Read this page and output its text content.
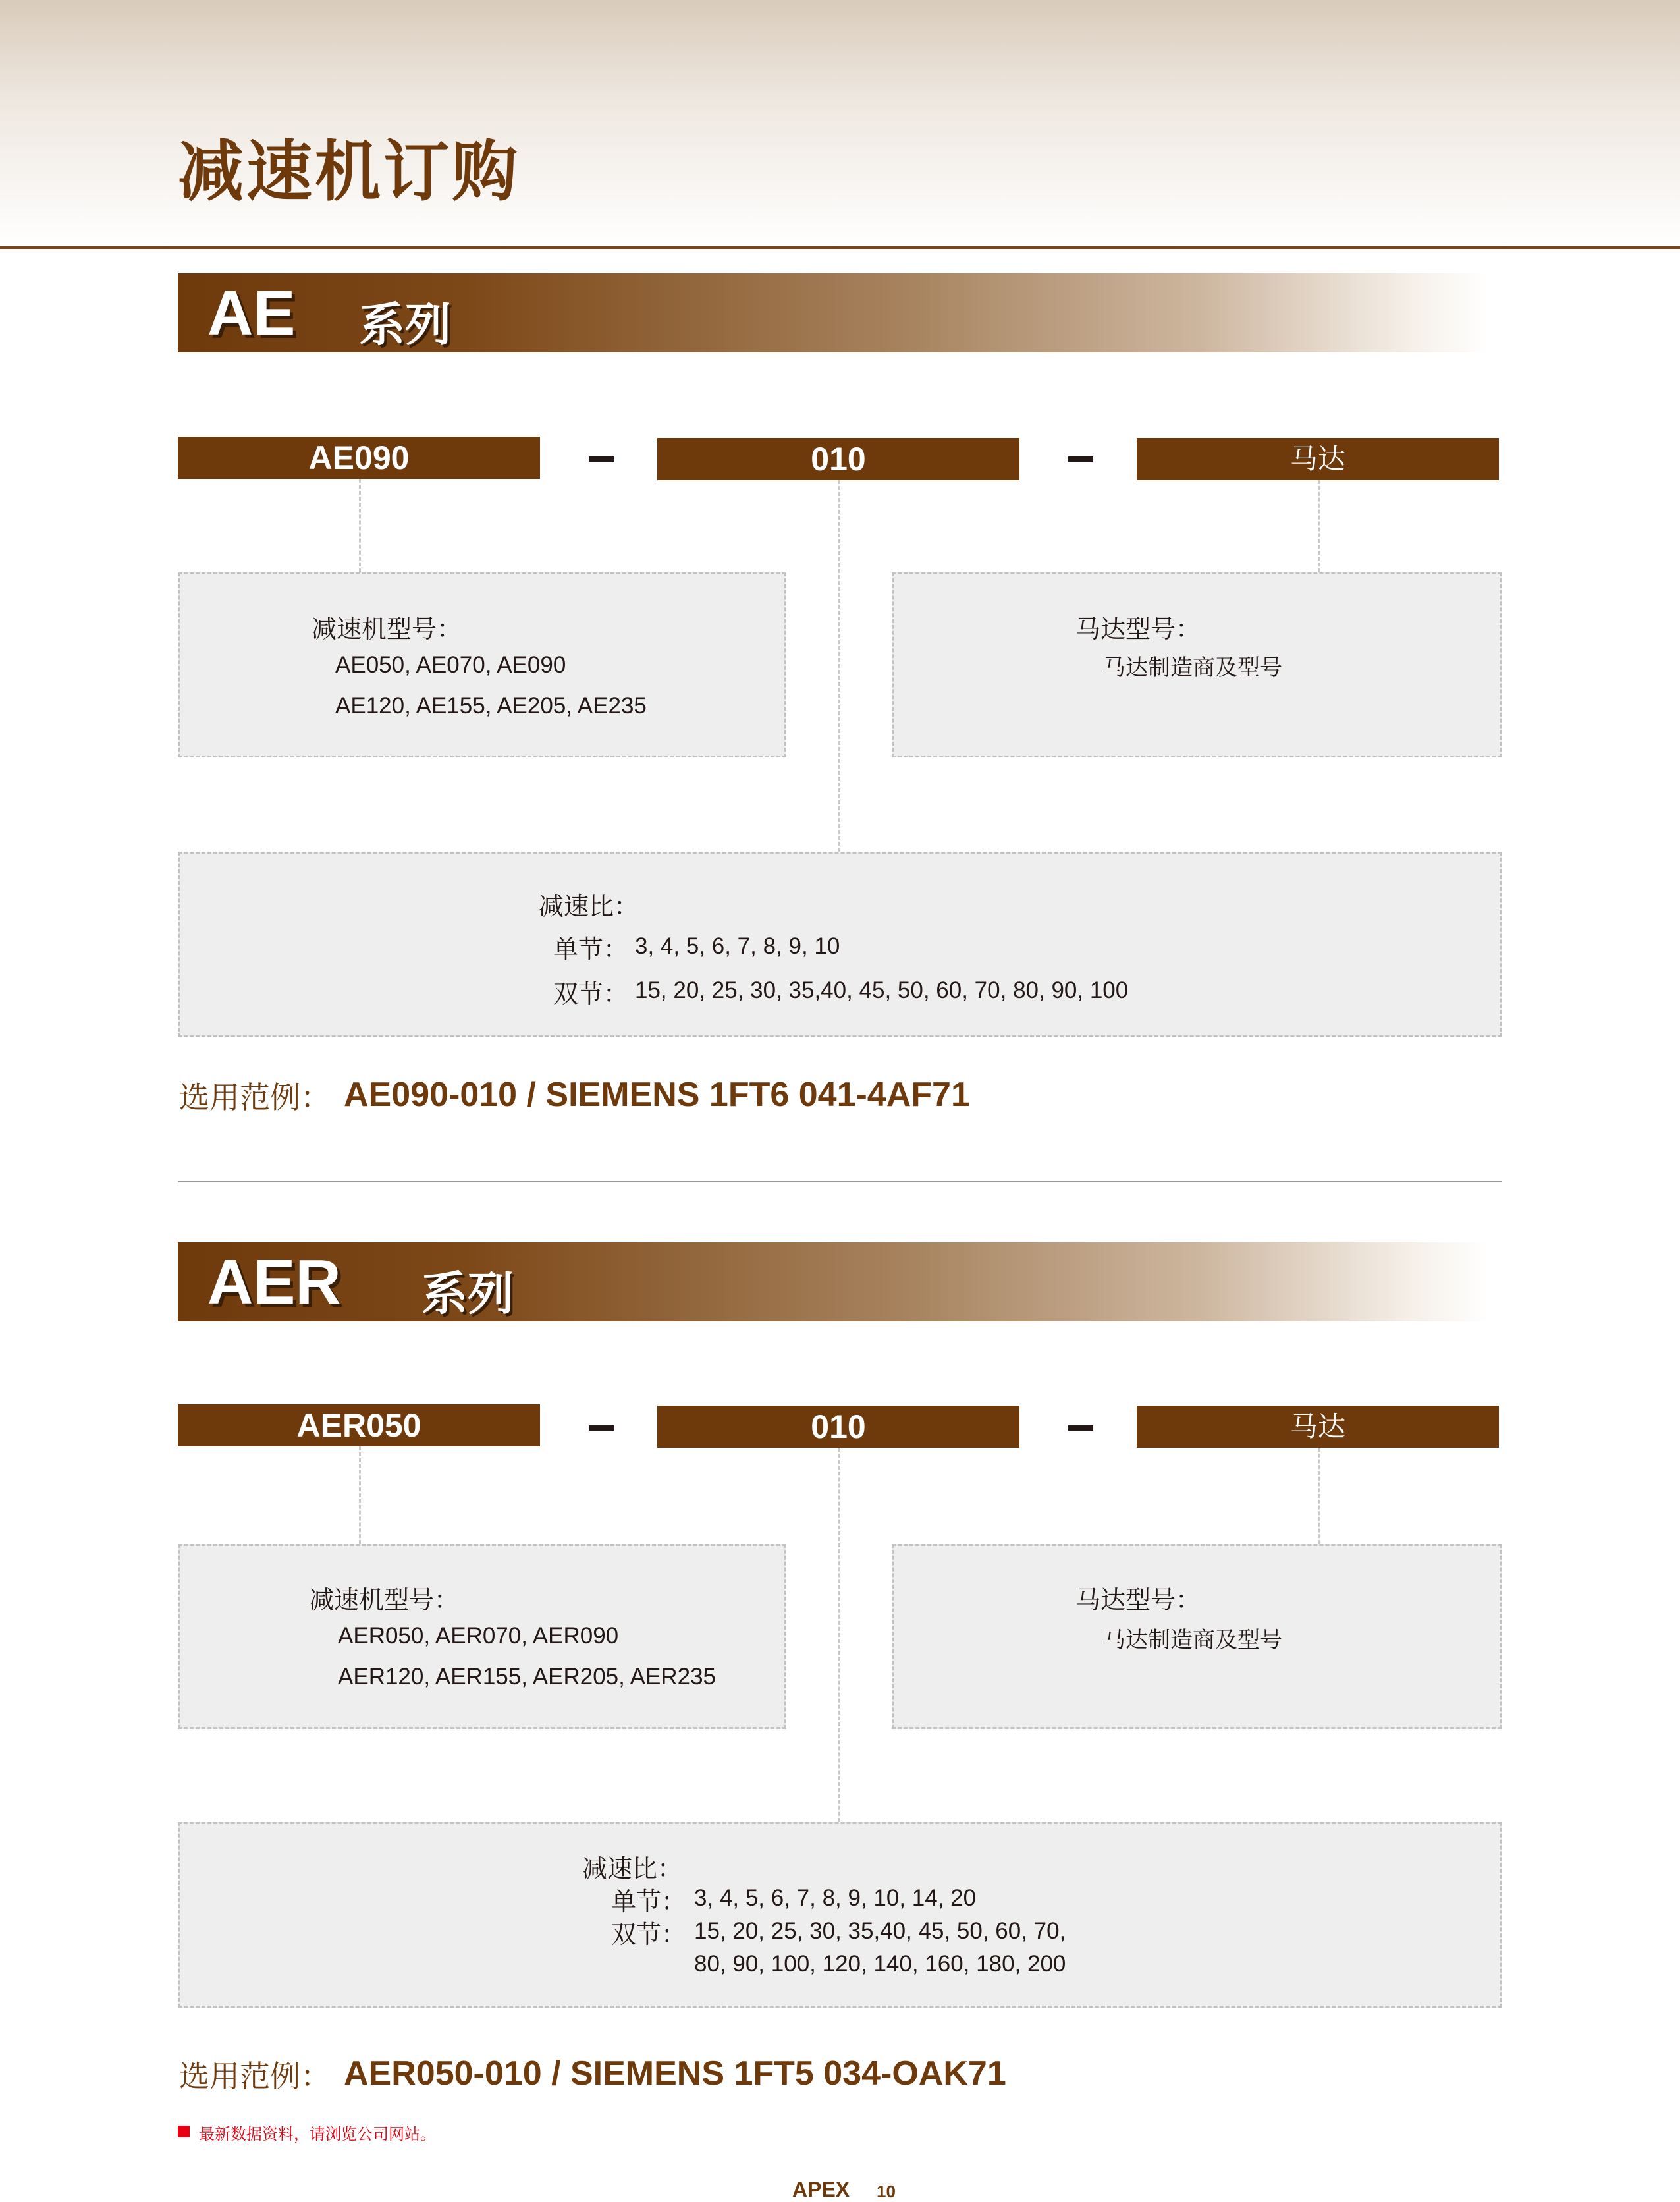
减速机订购
AE 系列
AE090	010	马达
减速机型号：
AE050, AE070, AE090
AE120, AE155, AE205, AE235
马达型号：
马达制造商及型号
减速比：
单节： 3, 4, 5, 6, 7, 8, 9, 10
双节： 15, 20, 25, 30, 35,40, 45, 50, 60, 70, 80, 90, 100
选用范例： AE090-010 / SIEMENS 1FT6 041-4AF71
AER 系列
AER050	010	马达
减速机型号：
AER050, AER070, AER090
AER120, AER155, AER205, AER235
马达型号：
马达制造商及型号
减速比：
单节： 3, 4, 5, 6, 7, 8, 9, 10, 14, 20
双节： 15, 20, 25, 30, 35,40, 45, 50, 60, 70,
80, 90, 100, 120, 140, 160, 180, 200
选用范例： AER050-010 / SIEMENS 1FT5 034-OAK71
最新数据资料，请浏览公司网站。
APEX 10
